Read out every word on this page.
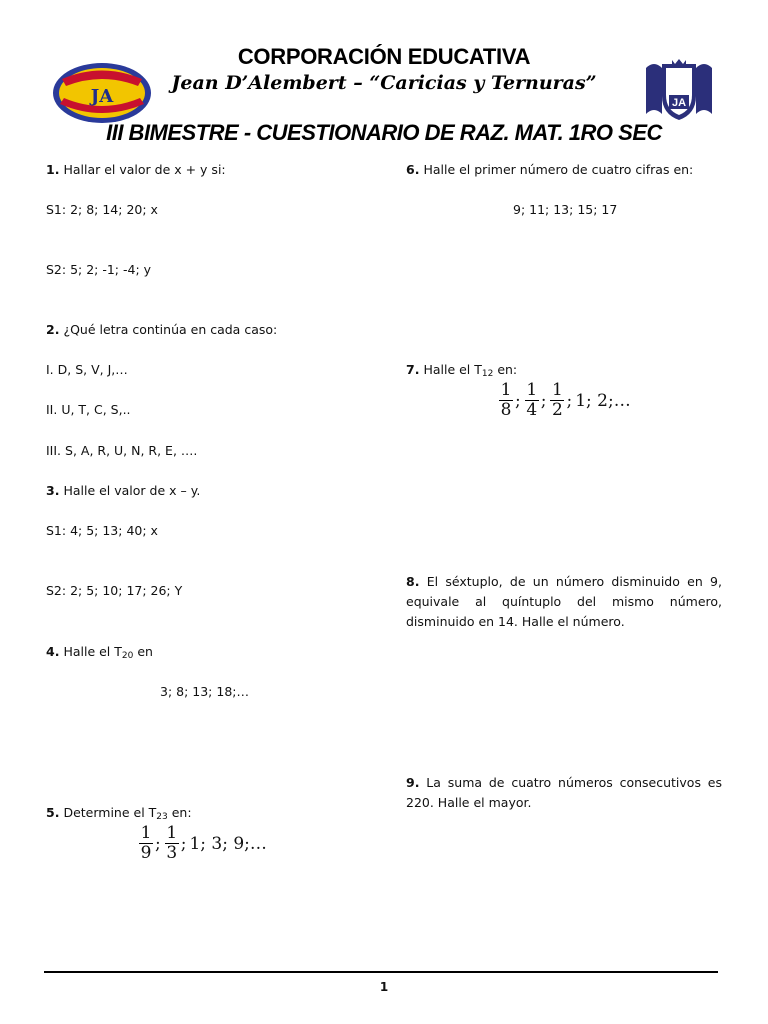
JA
CORPORACIÓN EDUCATIVA
Jean D’Alembert – “Caricias y Ternuras”
JA
III BIMESTRE - CUESTIONARIO DE RAZ. MAT. 1RO SEC
1. Hallar el valor de x + y si:
S1: 2; 8; 14; 20; x
S2: 5; 2; -1; -4; y
2. ¿Qué letra continúa en cada caso:
I. D, S, V, J,…
II. U, T, C, S,..
III. S, A, R, U, N, R, E, ….
3. Halle el valor de x – y.
S1: 4; 5; 13; 40; x
S2: 2; 5; 10; 17; 26; Y
4. Halle el $T_{20}$ en
3; 8; 13; 18;…
5. Determine el $T_{23}$ en:
$\frac{1}{9}$ ; $\frac{1}{3}$ ; 1; 3; 9;…
6. Halle el primer número de cuatro cifras en:
9; 11; 13; 15; 17
7. Halle el $T_{12}$ en:
$\frac{1}{8}$ ; $\frac{1}{4}$ ; $\frac{1}{2}$ ; 1; 2;…
8. El séxtuplo, de un número disminuido en 9, equivale al quíntuplo del mismo número, disminuido en 14. Halle el número.
9. La suma de cuatro números consecutivos es 220. Halle el mayor.
1
